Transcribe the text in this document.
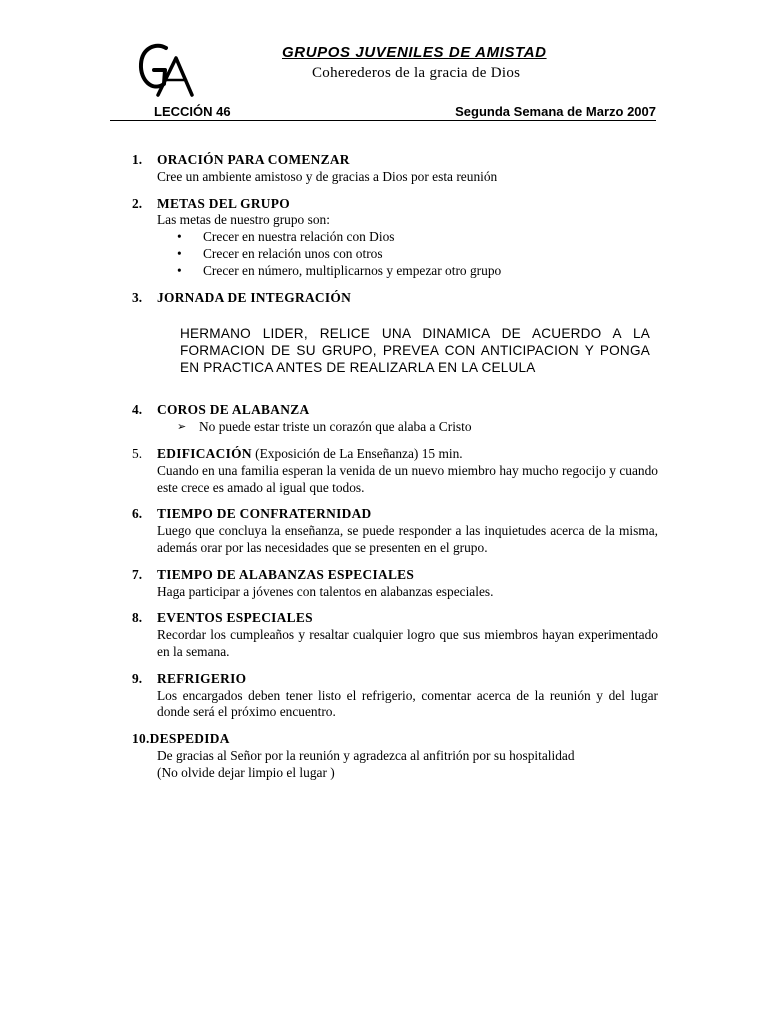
GRUPOS JUVENILES DE AMISTAD
Coherederos de la gracia de Dios
LECCIÓN 46	Segunda Semana de Marzo 2007
1.	ORACIÓN PARA COMENZAR
Cree un ambiente amistoso y de gracias a Dios por esta reunión
2.	METAS DEL GRUPO
Las metas de nuestro grupo son:
• Crecer en nuestra relación con Dios
• Crecer en relación unos con otros
• Crecer en número, multiplicarnos y empezar otro grupo
3.	JORNADA DE INTEGRACIÓN
HERMANO LIDER, RELICE UNA DINAMICA DE ACUERDO A LA FORMACION DE SU GRUPO, PREVEA CON ANTICIPACION Y PONGA EN PRACTICA ANTES DE REALIZARLA EN LA CELULA
4.	COROS DE ALABANZA
➢ No puede estar triste un corazón que alaba a Cristo
5.	EDIFICACIÓN (Exposición de La Enseñanza) 15 min.
Cuando en una familia esperan la venida de un nuevo miembro hay mucho regocijo y cuando este crece es amado al igual que todos.
6.	TIEMPO DE CONFRATERNIDAD
Luego que concluya la enseñanza, se puede responder a las inquietudes acerca de la misma, además orar por las necesidades que se presenten en el grupo.
7.	TIEMPO DE ALABANZAS ESPECIALES
Haga participar a jóvenes con talentos en alabanzas especiales.
8.	EVENTOS ESPECIALES
Recordar los cumpleaños y resaltar cualquier logro que sus miembros hayan experimentado en la semana.
9.	REFRIGERIO
Los encargados deben tener listo el refrigerio, comentar acerca de la reunión y del lugar donde será el próximo encuentro.
10. DESPEDIDA
De gracias al Señor por la reunión y agradezca al anfitrión por su hospitalidad
(No olvide dejar limpio el lugar )
